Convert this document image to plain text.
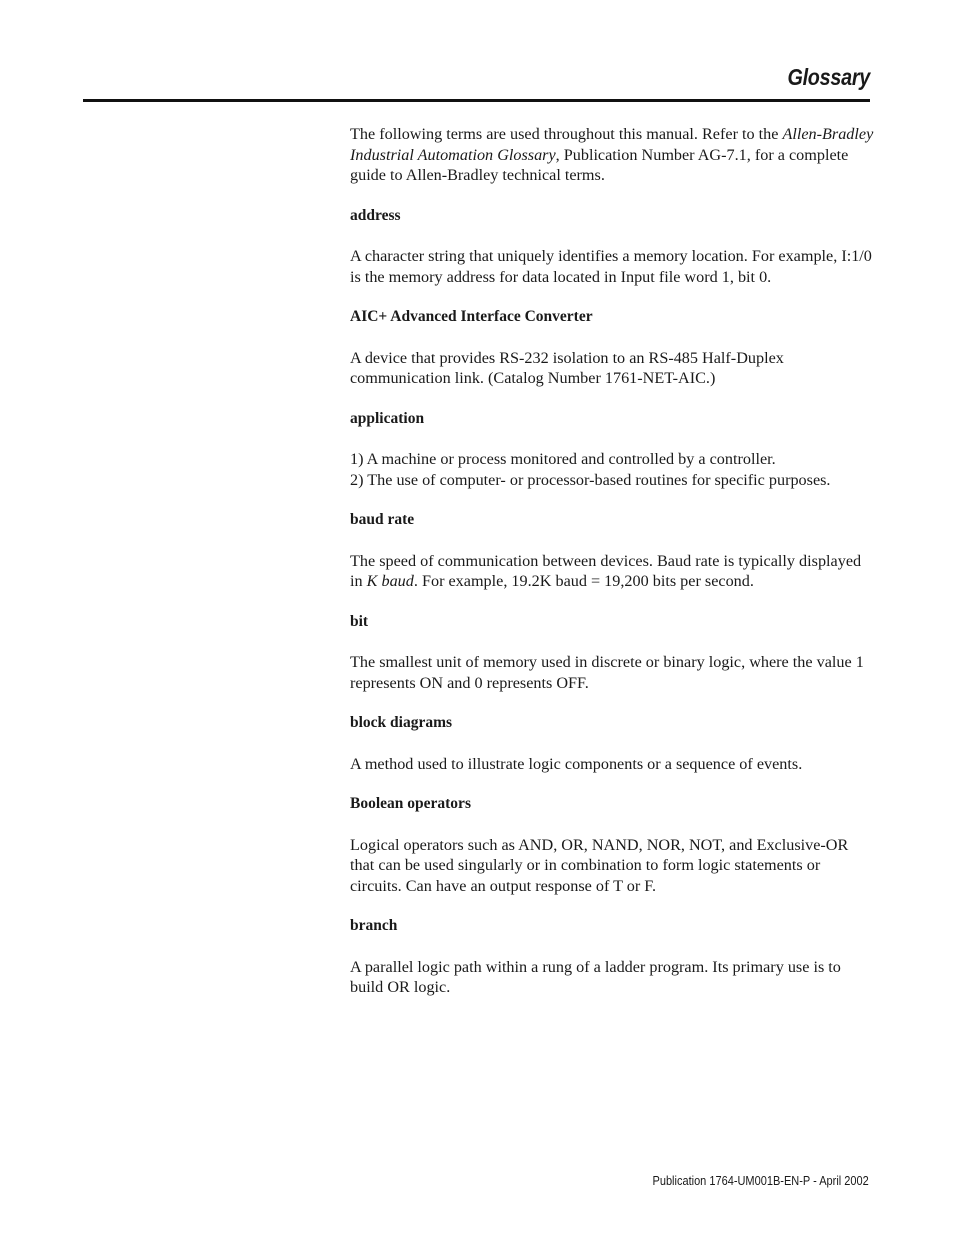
Glossary

The following terms are used throughout this manual. Refer to the Allen-Bradley Industrial Automation Glossary, Publication Number AG-7.1, for a complete guide to Allen-Bradley technical terms.

address

A character string that uniquely identifies a memory location. For example, I:1/0 is the memory address for data located in Input file word 1, bit 0.

AIC+ Advanced Interface Converter

A device that provides RS-232 isolation to an RS-485 Half-Duplex communication link. (Catalog Number 1761-NET-AIC.)

application

1) A machine or process monitored and controlled by a controller.
2) The use of computer- or processor-based routines for specific purposes.

baud rate

The speed of communication between devices. Baud rate is typically displayed in K baud. For example, 19.2K baud = 19,200 bits per second.

bit

The smallest unit of memory used in discrete or binary logic, where the value 1 represents ON and 0 represents OFF.

block diagrams

A method used to illustrate logic components or a sequence of events.

Boolean operators

Logical operators such as AND, OR, NAND, NOR, NOT, and Exclusive-OR that can be used singularly or in combination to form logic statements or circuits. Can have an output response of T or F.

branch

A parallel logic path within a rung of a ladder program. Its primary use is to build OR logic.

Publication 1764-UM001B-EN-P - April 2002
